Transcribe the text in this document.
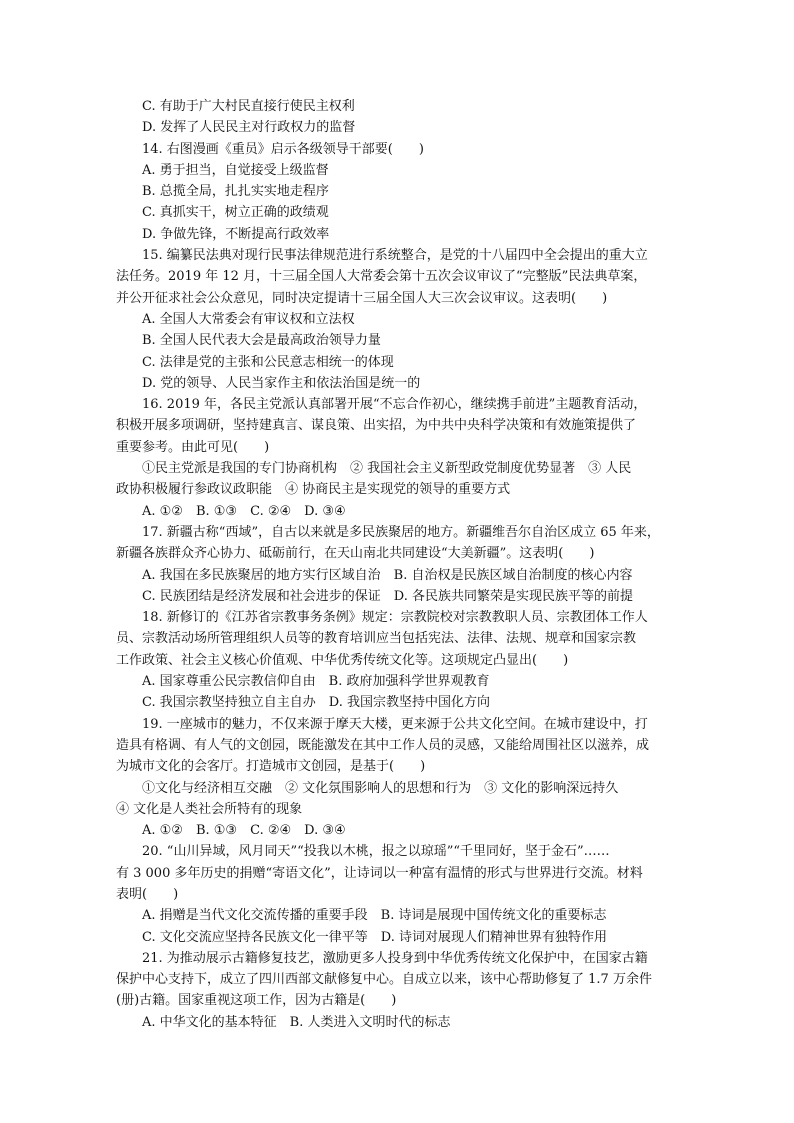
C. 有助于广大村民直接行使民主权利
D. 发挥了人民民主对行政权力的监督
14. 右图漫画《重员》启示各级领导干部要(　　)
A. 勇于担当，自觉接受上级监督
B. 总揽全局，扎扎实实地走程序
C. 真抓实干，树立正确的政绩观
D. 争做先锋，不断提高行政效率
15. 编纂民法典对现行民事法律规范进行系统整合，是党的十八届四中全会提出的重大立
法任务。2019 年 12 月，十三届全国人大常委会第十五次会议审议了“完整版”民法典草案，
并公开征求社会公众意见，同时决定提请十三届全国人大三次会议审议。这表明(　　)
A. 全国人大常委会有审议权和立法权
B. 全国人民代表大会是最高政治领导力量
C. 法律是党的主张和公民意志相统一的体现
D. 党的领导、人民当家作主和依法治国是统一的
16. 2019 年，各民主党派认真部署开展“不忘合作初心，继续携手前进”主题教育活动，
积极开展多项调研，坚持建真言、谋良策、出实招，为中共中央科学决策和有效施策提供了
重要参考。由此可见(　　)
①民主党派是我国的专门协商机构　② 我国社会主义新型政党制度优势显著　③ 人民
政协积极履行参政议政职能　④ 协商民主是实现党的领导的重要方式
A. ①②　B. ①③　C. ②④　D. ③④
17. 新疆古称“西域”，自古以来就是多民族聚居的地方。新疆维吾尔自治区成立 65 年来，
新疆各族群众齐心协力、砥砺前行，在天山南北共同建设“大美新疆”。这表明(　　)
A. 我国在多民族聚居的地方实行区域自治　B. 自治权是民族区域自治制度的核心内容
C. 民族团结是经济发展和社会进步的保证　D. 各民族共同繁荣是实现民族平等的前提
18. 新修订的《江苏省宗教事务条例》规定：宗教院校对宗教教职人员、宗教团体工作人
员、宗教活动场所管理组织人员等的教育培训应当包括宪法、法律、法规、规章和国家宗教
工作政策、社会主义核心价值观、中华优秀传统文化等。这项规定凸显出(　　)
A. 国家尊重公民宗教信仰自由　B. 政府加强科学世界观教育
C. 我国宗教坚持独立自主自办　D. 我国宗教坚持中国化方向
19. 一座城市的魅力，不仅来源于摩天大楼，更来源于公共文化空间。在城市建设中，打
造具有格调、有人气的文创园，既能激发在其中工作人员的灵感，又能给周围社区以滋养，成
为城市文化的会客厅。打造城市文创园，是基于(　　)
①文化与经济相互交融　② 文化氛围影响人的思想和行为　③ 文化的影响深远持久
④ 文化是人类社会所特有的现象
A. ①②　B. ①③　C. ②④　D. ③④
20. “山川异域，风月同天”“投我以木桃，报之以琼瑶”“千里同好，坚于金石”……
有 3 000 多年历史的捐赠“寄语文化”，让诗词以一种富有温情的形式与世界进行交流。材料
表明(　　)
A. 捐赠是当代文化交流传播的重要手段　B. 诗词是展现中国传统文化的重要标志
C. 文化交流应坚持各民族文化一律平等　D. 诗词对展现人们精神世界有独特作用
21. 为推动展示古籍修复技艺，激励更多人投身到中华优秀传统文化保护中，在国家古籍
保护中心支持下，成立了四川西部文献修复中心。自成立以来，该中心帮助修复了 1.7 万余件
(册)古籍。国家重视这项工作，因为古籍是(　　)
A. 中华文化的基本特征　B. 人类进入文明时代的标志
